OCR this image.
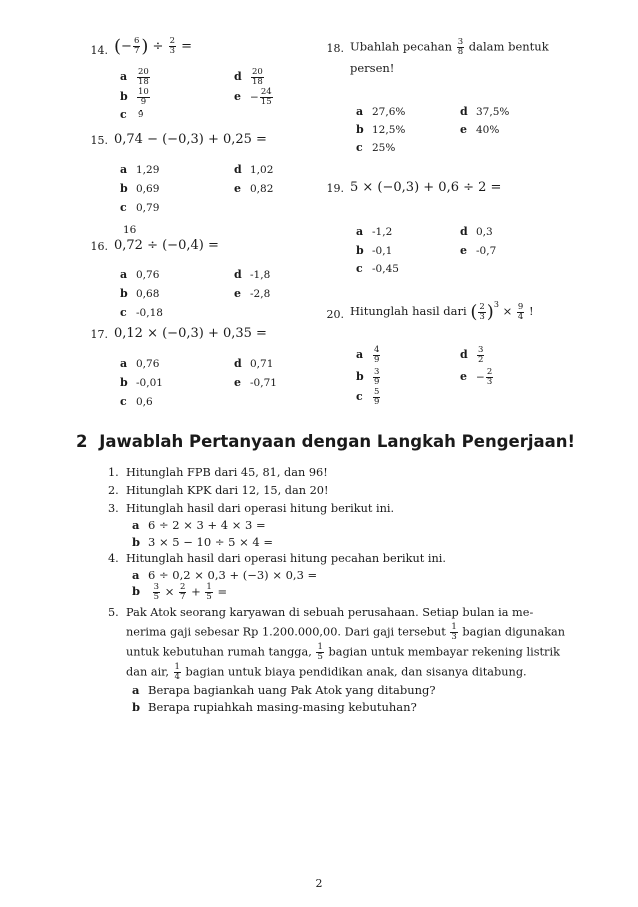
14. (− $\frac{6}{7}$ ) ÷ $\frac{2}{3}$ =
a $\frac{20}{18}$
b $\frac{10}{9}$
c 9
d $\frac{20}{18}$
$e - \frac{24}{15}$
15. 0,74 − (−0,3) + 0,25 =
a 1,29
b 0,69
c 0,79
d 1,02
e 0,82
16
16. 0,72 ÷ (−0,4) =
a 0,76
b 0,68
c -0,18
d -1,8
e -2,8
17. 0,12 × (−0,3) + 0,35 =
a 0,76
b -0,01
c 0,6
d 0,71
e -0,71
18. Ubahlah pecahan $\frac{3}{8}$ dalam bentuk
persen!
a 27,6%
b 12,5%
c 25%
d 37,5%
e 40%
19. 5 × (−0,3) + 0,6 ÷ 2 =
a -1,2
b -0,1
c -0,45
d 0,3
e -0,7
20. Hitunglah hasil dari ( $\frac{2}{3} )^3 \times \frac{9}{4}$ !
a $\frac{4}{9}$
b $\frac{3}{9}$
c $\frac{5}{9}$
d $\frac{3}{2}$
$e - \frac{2}{3}$
2 Jawablah Pertanyaan dengan Langkah Pengerjaan!
1. Hitunglah FPB dari 45, 81, dan 96!
2. Hitunglah KPK dari 12, 15, dan 20!
3. Hitunglah hasil dari operasi hitung berikut ini.
a 6 ÷ 2 × 3 + 4 × 3 =
b 3 × 5 − 10 ÷ 5 × 4 =
4. Hitunglah hasil dari operasi hitung pecahan berikut ini.
a 6 ÷ 0,2 × 0,3 + (−3) × 0,3 =
b $\frac{3}{5} \times \frac{2}{7} + \frac{1}{5}$ =
5. Pak Atok seorang karyawan di sebuah perusahaan. Setiap bulan ia me-
nerima gaji sebesar Rp 1.200.000,00. Dari gaji tersebut $\frac{1}{3}$ bagian digunakan
untuk kebutuhan rumah tangga, $\frac{1}{5}$ bagian untuk membayar rekening listrik
dan air, $\frac{1}{4}$ bagian untuk biaya pendidikan anak, dan sisanya ditabung.
a Berapa bagiankah uang Pak Atok yang ditabung?
b Berapa rupiahkah masing-masing kebutuhan?
2
